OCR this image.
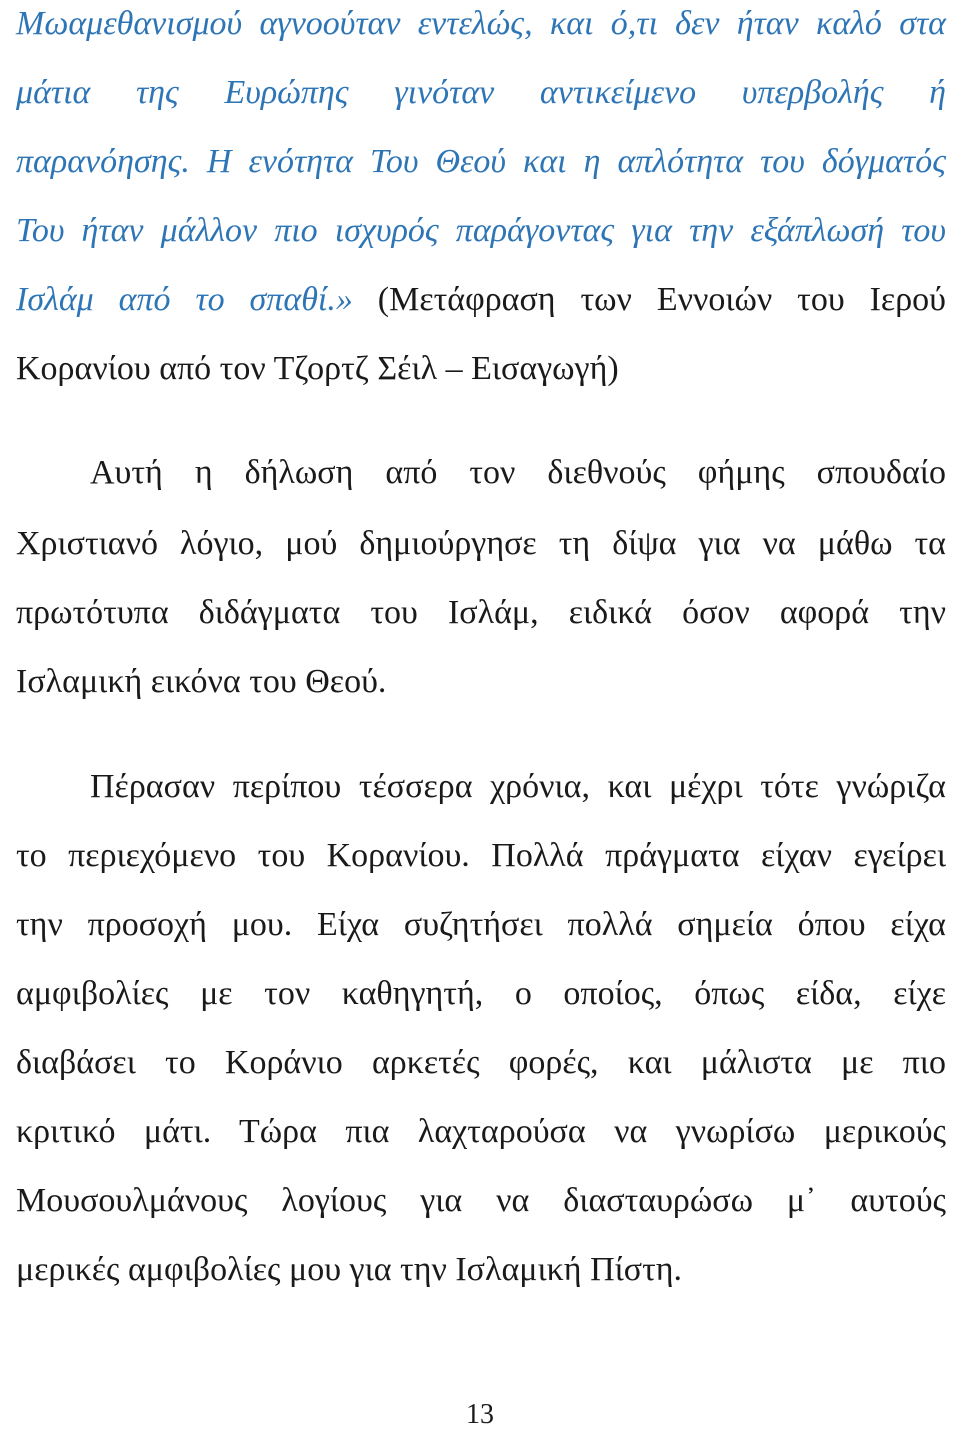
Μωαμεθανισμού αγνοούταν εντελώς, και ό,τι δεν ήταν καλό στα
μάτια της Ευρώπης γινόταν αντικείμενο υπερβολής ή
παρανόησης. Η ενότητα Του Θεού και η απλότητα του δόγματός
Του ήταν μάλλον πιο ισχυρός παράγοντας για την εξάπλωσή του
Ισλάμ από το σπαθί.» (Μετάφραση των Εννοιών του Ιερού
Κορανίου από τον Τζορτζ Σέιλ – Εισαγωγή)
Αυτή η δήλωση από τον διεθνούς φήμης σπουδαίο
Χριστιανό λόγιο, μού δημιούργησε τη δίψα για να μάθω τα
πρωτότυπα διδάγματα του Ισλάμ, ειδικά όσον αφορά την
Ισλαμική εικόνα του Θεού.
Πέρασαν περίπου τέσσερα χρόνια, και μέχρι τότε γνώριζα
το περιεχόμενο του Κορανίου. Πολλά πράγματα είχαν εγείρει
την προσοχή μου. Είχα συζητήσει πολλά σημεία όπου είχα
αμφιβολίες με τον καθηγητή, ο οποίος, όπως είδα, είχε
διαβάσει το Κοράνιο αρκετές φορές, και μάλιστα με πιο
κριτικό μάτι. Τώρα πια λαχταρούσα να γνωρίσω μερικούς
Μουσουλμάνους λογίους για να διασταυρώσω μ᾽ αυτούς
μερικές αμφιβολίες μου για την Ισλαμική Πίστη.
13
